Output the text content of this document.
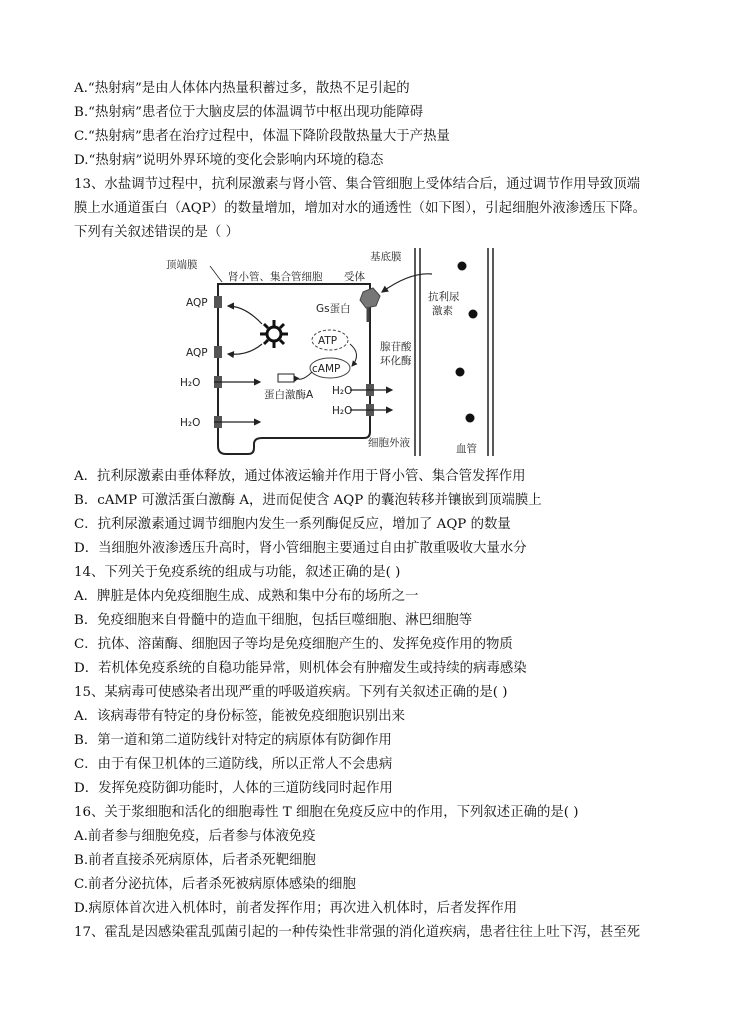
A.“热射病”是由人体体内热量积蓄过多，散热不足引起的
B.“热射病”患者位于大脑皮层的体温调节中枢出现功能障碍
C.“热射病”患者在治疗过程中，体温下降阶段散热量大于产热量
D.“热射病”说明外界环境的变化会影响内环境的稳态
13、水盐调节过程中，抗利尿激素与肾小管、集合管细胞上受体结合后，通过调节作用导致顶端
膜上水通道蛋白（AQP）的数量增加，增加对水的通透性（如下图），引起细胞外液渗透压下降。
下列有关叙述错误的是（ ）
顶端膜
基底膜
肾小管、集合管细胞 受体
Gs蛋白
抗利尿
激素
AQP
AQP
ATP
cAMP
腺苷酸
环化酶
H₂O
H₂O
H₂O
H₂O
蛋白激酶A
细胞外液	血管
A．抗利尿激素由垂体释放，通过体液运输并作用于肾小管、集合管发挥作用
B．cAMP 可激活蛋白激酶 A，进而促使含 AQP 的囊泡转移并镶嵌到顶端膜上
C．抗利尿激素通过调节细胞内发生一系列酶促反应，增加了 AQP 的数量
D．当细胞外液渗透压升高时，肾小管细胞主要通过自由扩散重吸收大量水分
14、下列关于免疫系统的组成与功能，叙述正确的是( )
A．脾脏是体内免疫细胞生成、成熟和集中分布的场所之一
B．免疫细胞来自骨髓中的造血干细胞，包括巨噬细胞、淋巴细胞等
C．抗体、溶菌酶、细胞因子等均是免疫细胞产生的、发挥免疫作用的物质
D．若机体免疫系统的自稳功能异常，则机体会有肿瘤发生或持续的病毒感染
15、某病毒可使感染者出现严重的呼吸道疾病。下列有关叙述正确的是( )
A．该病毒带有特定的身份标签，能被免疫细胞识别出来
B．第一道和第二道防线针对特定的病原体有防御作用
C．由于有保卫机体的三道防线，所以正常人不会患病
D．发挥免疫防御功能时，人体的三道防线同时起作用
16、关于浆细胞和活化的细胞毒性 T 细胞在免疫反应中的作用，下列叙述正确的是( )
A.前者参与细胞免疫，后者参与体液免疫
B.前者直接杀死病原体，后者杀死靶细胞
C.前者分泌抗体，后者杀死被病原体感染的细胞
D.病原体首次进入机体时，前者发挥作用；再次进入机体时，后者发挥作用
17、霍乱是因感染霍乱弧菌引起的一种传染性非常强的消化道疾病，患者往往上吐下泻，甚至死
